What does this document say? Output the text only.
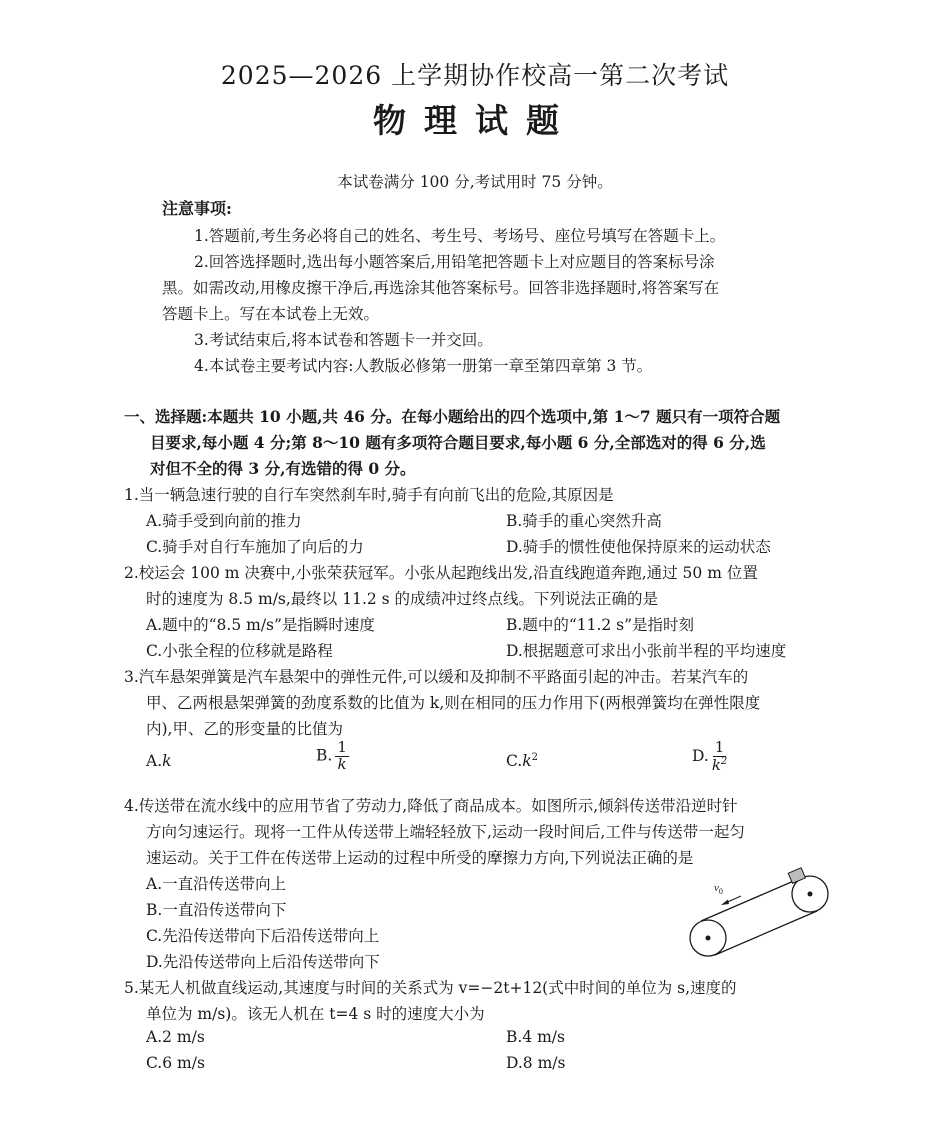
2025—2026 上学期协作校高一第二次考试
物理试题
本试卷满分 100 分,考试用时 75 分钟。
注意事项:
1.答题前,考生务必将自己的姓名、考生号、考场号、座位号填写在答题卡上。
2.回答选择题时,选出每小题答案后,用铅笔把答题卡上对应题目的答案标号涂
黑。如需改动,用橡皮擦干净后,再选涂其他答案标号。回答非选择题时,将答案写在
答题卡上。写在本试卷上无效。
3.考试结束后,将本试卷和答题卡一并交回。
4.本试卷主要考试内容:人教版必修第一册第一章至第四章第 3 节。
一、选择题:本题共 10 小题,共 46 分。在每小题给出的四个选项中,第 1～7 题只有一项符合题
目要求,每小题 4 分;第 8～10 题有多项符合题目要求,每小题 6 分,全部选对的得 6 分,选
对但不全的得 3 分,有选错的得 0 分。
1.当一辆急速行驶的自行车突然刹车时,骑手有向前飞出的危险,其原因是
A.骑手受到向前的推力	B.骑手的重心突然升高
C.骑手对自行车施加了向后的力	D.骑手的惯性使他保持原来的运动状态
2.校运会 100 m 决赛中,小张荣获冠军。小张从起跑线出发,沿直线跑道奔跑,通过 50 m 位置
时的速度为 8.5 m/s,最终以 11.2 s 的成绩冲过终点线。下列说法正确的是
A.题中的“8.5 m/s”是指瞬时速度	B.题中的“11.2 s”是指时刻
C.小张全程的位移就是路程	D.根据题意可求出小张前半程的平均速度
3.汽车悬架弹簧是汽车悬架中的弹性元件,可以缓和及抑制不平路面引起的冲击。若某汽车的
甲、乙两根悬架弹簧的劲度系数的比值为 k,则在相同的压力作用下(两根弹簧均在弹性限度
内),甲、乙的形变量的比值为
A.k	B. $\frac{1}{k}$	$C.k^2$	D. $\frac{1}{k^2}$
4.传送带在流水线中的应用节省了劳动力,降低了商品成本。如图所示,倾斜传送带沿逆时针
方向匀速运行。现将一工件从传送带上端轻轻放下,运动一段时间后,工件与传送带一起匀
速运动。关于工件在传送带上运动的过程中所受的摩擦力方向,下列说法正确的是
A.一直沿传送带向上
B.一直沿传送带向下
C.先沿传送带向下后沿传送带向上
D.先沿传送带向上后沿传送带向下
$v_0$
5.某无人机做直线运动,其速度与时间的关系式为 v=−2t+12(式中时间的单位为 s,速度的
单位为 m/s)。该无人机在 t=4 s 时的速度大小为
A.2 m/s	B.4 m/s
C.6 m/s	D.8 m/s
